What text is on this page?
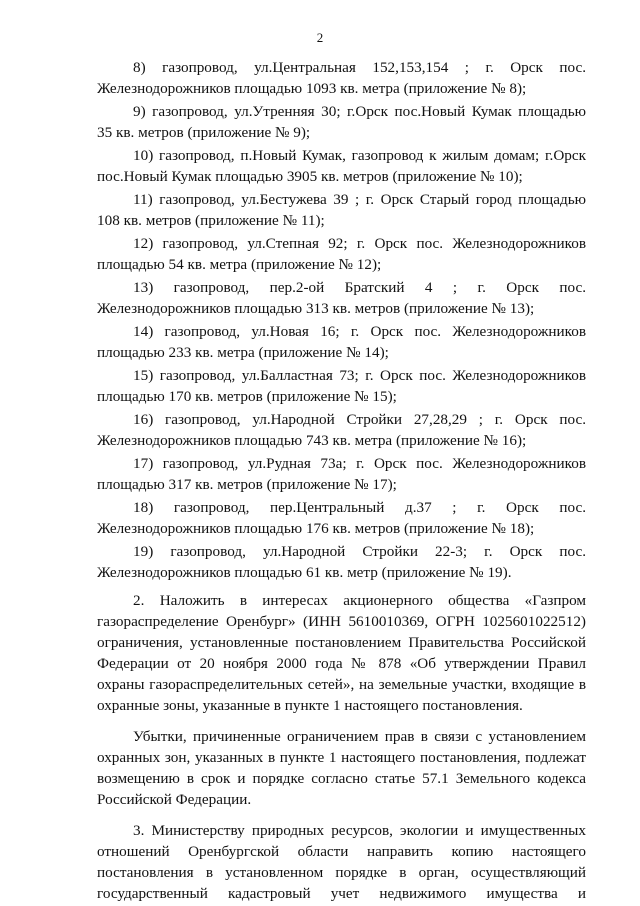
2

8) газопровод, ул.Центральная 152,153,154 ; г. Орск пос. Железнодорожников площадью 1093 кв. метра (приложение № 8);

9) газопровод, ул.Утренняя 30; г.Орск пос.Новый Кумак площадью 35 кв. метров (приложение № 9);

10) газопровод, п.Новый Кумак, газопровод к жилым домам; г.Орск пос.Новый Кумак площадью 3905 кв. метров (приложение № 10);

11) газопровод, ул.Бестужева 39 ; г. Орск Старый город площадью 108 кв. метров (приложение № 11);

12) газопровод, ул.Степная 92; г. Орск пос. Железнодорожников площадью 54 кв. метра (приложение № 12);

13) газопровод, пер.2-ой Братский 4 ; г. Орск пос. Железнодорожников площадью 313 кв. метров (приложение № 13);

14) газопровод, ул.Новая 16; г. Орск пос. Железнодорожников площадью 233 кв. метра (приложение № 14);

15) газопровод, ул.Балластная 73; г. Орск пос. Железнодорожников площадью 170 кв. метров (приложение № 15);

16) газопровод, ул.Народной Стройки 27,28,29 ; г. Орск пос. Железнодорожников площадью 743 кв. метра (приложение № 16);

17) газопровод, ул.Рудная 73а; г. Орск пос. Железнодорожников площадью 317 кв. метров (приложение № 17);

18) газопровод, пер.Центральный д.37 ; г. Орск пос. Железнодорожников площадью 176 кв. метров (приложение № 18);

19) газопровод, ул.Народной Стройки 22-3; г. Орск пос. Железнодорожников площадью 61 кв. метр (приложение № 19).

2. Наложить в интересах акционерного общества «Газпром газораспределение Оренбург» (ИНН 5610010369, ОГРН 1025601022512) ограничения, установленные постановлением Правительства Российской Федерации от 20 ноября 2000 года № 878 «Об утверждении Правил охраны газораспределительных сетей», на земельные участки, входящие в охранные зоны, указанные в пункте 1 настоящего постановления.

Убытки, причиненные ограничением прав в связи с установлением охранных зон, указанных в пункте 1 настоящего постановления, подлежат возмещению в срок и порядке согласно статье 57.1 Земельного кодекса Российской Федерации.

3. Министерству природных ресурсов, экологии и имущественных отношений Оренбургской области направить копию настоящего постановления в установленном порядке в орган, осуществляющий государственный кадастровый учет недвижимого имущества и
